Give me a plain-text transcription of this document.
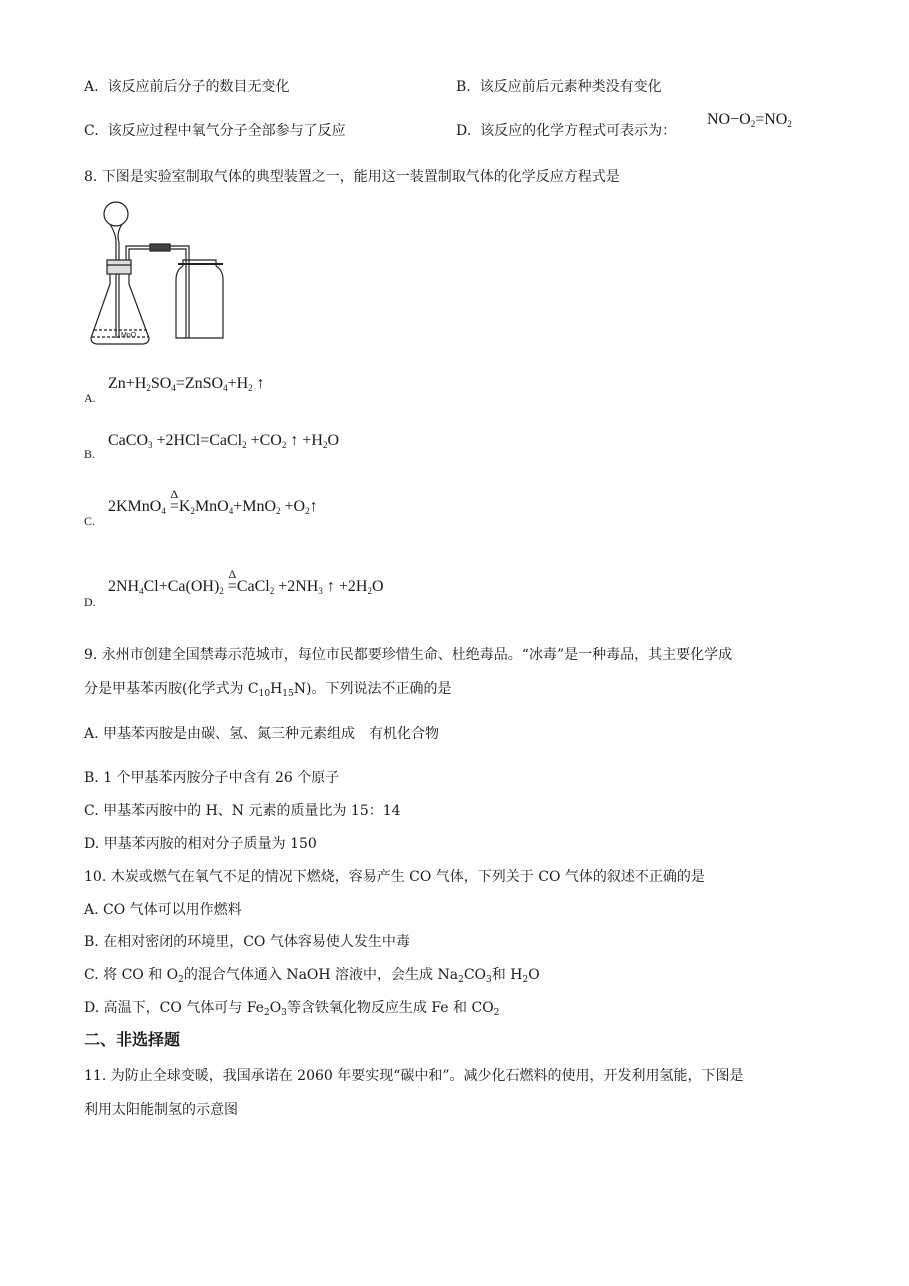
A. 该反应前后分子的数目无变化	B. 该反应前后元素种类没有变化
C. 该反应过程中氧气分子全部参与了反应	D. 该反应的化学方程式可表示为：
$NO-O_2=NO_2$
8. 下图是实验室制取气体的典型装置之一，能用这一装置制取气体的化学反应方程式是
MnO
A.
$Zn+H_2SO_4=ZnSO_4+H_2$ ↑
B.
CaCO$_3$ +2HCl=CaCl$_2$ $+CO_2$ ↑ $+H_2O$
C.
2KMnO$_4$
Δ
$=K_2MnO_4+MnO_2$ $+O_2↑$
D.
$2NH_4Cl+Ca(OH)_2$
Δ
=CaCl$_2$ $+2NH_3$ ↑ $+2H_2O$
9. 永州市创建全国禁毒示范城市，每位市民都要珍惜生命、杜绝毒品。“冰毒”是一种毒品，其主要化学成
分是甲基苯丙胺(化学式为 $C_{10}H_{15}N$)。下列说法不正确的是
A. 甲基苯丙胺是由碳、氢、氮三种元素组成　有机化合物
B. 1 个甲基苯丙胺分子中含有 26 个原子
C. 甲基苯丙胺中的 H、N 元素的质量比为 15：14
D. 甲基苯丙胺的相对分子质量为 150
10. 木炭或燃气在氧气不足的情况下燃烧，容易产生 CO 气体，下列关于 CO 气体的叙述不正确的是
A. CO 气体可以用作燃料
B. 在相对密闭的环境里，CO 气体容易使人发生中毒
C. 将 CO 和 $O_2$的混合气体通入 NaOH 溶液中，会生成 $Na_2CO_3$和 $H_2O$
D. 高温下，CO 气体可与 $Fe_2O_3$等含铁氧化物反应生成 Fe 和 $CO_2$
二、非选择题
11. 为防止全球变暖，我国承诺在 2060 年要实现“碳中和”。减少化石燃料的使用，开发利用氢能，下图是
利用太阳能制氢的示意图
